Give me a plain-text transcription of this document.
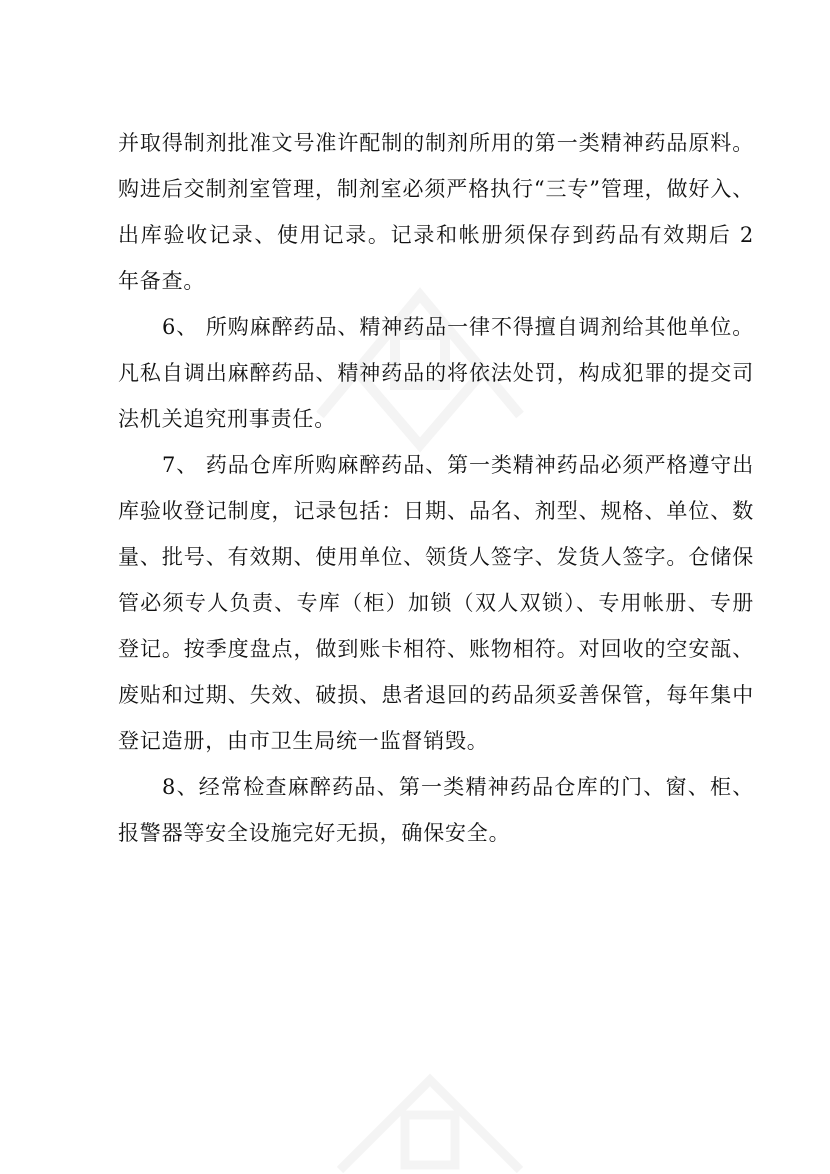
并取得制剂批准文号准许配制的制剂所用的第一类精神药品原料。购进后交制剂室管理，制剂室必须严格执行“三专”管理，做好入、出库验收记录、使用记录。记录和帐册须保存到药品有效期后 2 年备查。

6、 所购麻醉药品、精神药品一律不得擅自调剂给其他单位。凡私自调出麻醉药品、精神药品的将依法处罚，构成犯罪的提交司法机关追究刑事责任。

7、 药品仓库所购麻醉药品、第一类精神药品必须严格遵守出库验收登记制度，记录包括：日期、品名、剂型、规格、单位、数量、批号、有效期、使用单位、领货人签字、发货人签字。仓储保管必须专人负责、专库（柜）加锁（双人双锁）、专用帐册、专册登记。按季度盘点，做到账卡相符、账物相符。对回收的空安瓿、废贴和过期、失效、破损、患者退回的药品须妥善保管，每年集中登记造册，由市卫生局统一监督销毁。

8、经常检查麻醉药品、第一类精神药品仓库的门、窗、柜、报警器等安全设施完好无损，确保安全。
